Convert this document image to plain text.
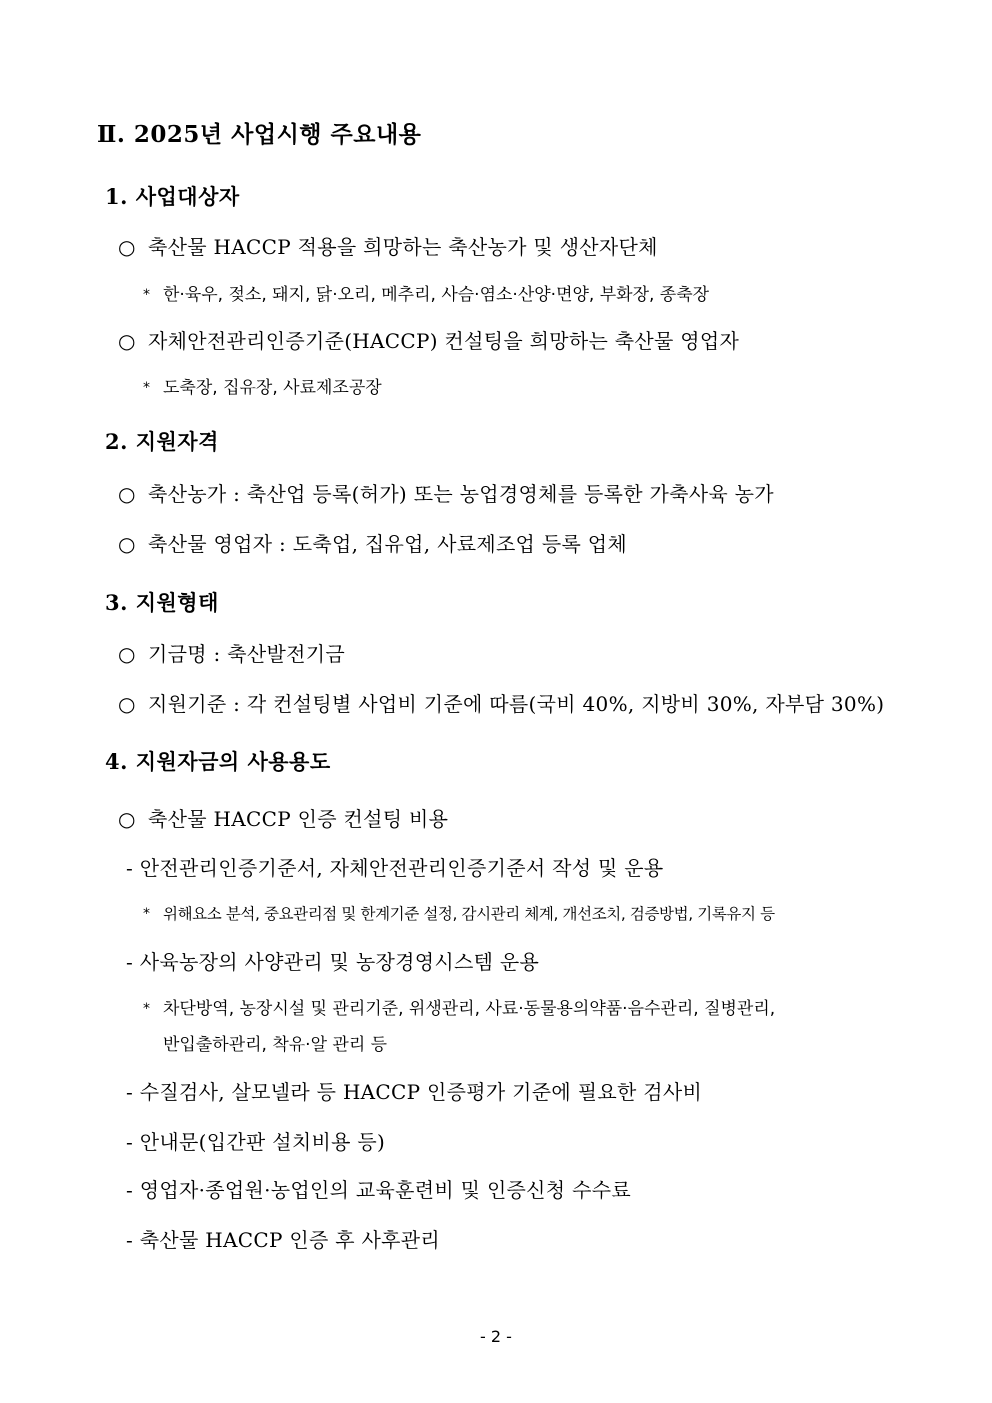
Ⅱ. 2025년 사업시행 주요내용
1. 사업대상자
○ 축산물 HACCP 적용을 희망하는 축산농가 및 생산자단체
* 한·육우, 젖소, 돼지, 닭·오리, 메추리, 사슴·염소·산양·면양, 부화장, 종축장
○ 자체안전관리인증기준(HACCP) 컨설팅을 희망하는 축산물 영업자
* 도축장, 집유장, 사료제조공장
2. 지원자격
○ 축산농가 : 축산업 등록(허가) 또는 농업경영체를 등록한 가축사육 농가
○ 축산물 영업자 : 도축업, 집유업, 사료제조업 등록 업체
3. 지원형태
○ 기금명 : 축산발전기금
○ 지원기준 : 각 컨설팅별 사업비 기준에 따름(국비 40%, 지방비 30%, 자부담 30%)
4. 지원자금의 사용용도
○ 축산물 HACCP 인증 컨설팅 비용
- 안전관리인증기준서, 자체안전관리인증기준서 작성 및 운용
* 위해요소 분석, 중요관리점 및 한계기준 설정, 감시관리 체계, 개선조치, 검증방법, 기록유지 등
- 사육농장의 사양관리 및 농장경영시스템 운용
* 차단방역, 농장시설 및 관리기준, 위생관리, 사료·동물용의약품·음수관리, 질병관리,
반입출하관리, 착유·알 관리 등
- 수질검사, 살모넬라 등 HACCP 인증평가 기준에 필요한 검사비
- 안내문(입간판 설치비용 등)
- 영업자·종업원·농업인의 교육훈련비 및 인증신청 수수료
- 축산물 HACCP 인증 후 사후관리
- 2 -
